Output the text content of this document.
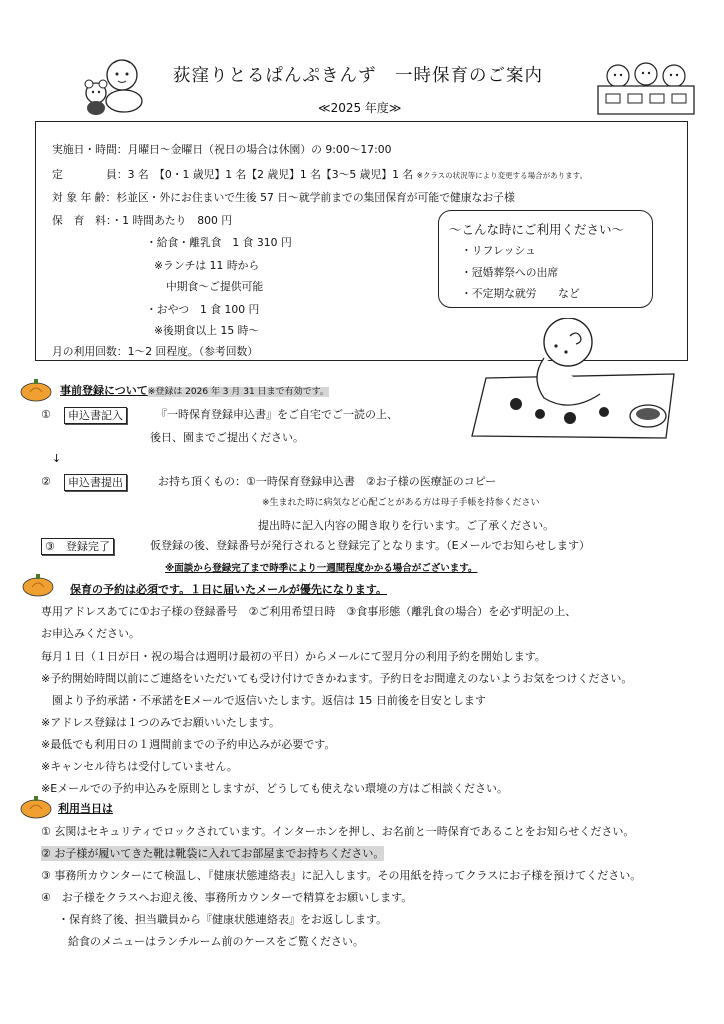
荻窪りとるぱんぷきんず　一時保育のご案内
≪2025 年度≫
実施日・時間：月曜日～金曜日（祝日の場合は休園）の 9:00～17:00
定　　　　員：3 名　【0・1 歳児】1 名【2 歳児】1 名【3～5 歳児】1 名 ※クラスの状況等により変更する場合があります。
対 象 年 齢：杉並区・外にお住まいで生後 57 日～就学前までの集団保育が可能で健康なお子様
保　育　料：・1 時間あたり　800 円
・給食・離乳食　1 食 310 円
※ランチは 11 時から
中期食～ご提供可能
・おやつ　1 食 100 円
※後期食以上 15 時～
月の利用回数：1～2 回程度。（参考回数）
～こんな時にご利用ください～
・リフレッシュ
・冠婚葬祭への出席
・不定期な就労　　など
事前登録について※登録は 2026 年 3 月 31 日まで有効です。
①	申込書記入	『一時保育登録申込書』をご自宅でご一読の上、
後日、園までご提出ください。
↓
②	申込書提出	お持ち頂くもの：①一時保育登録申込書　②お子様の医療証のコピー
※生まれた時に病気など心配ごとがある方は母子手帳を持参ください
提出時に記入内容の聞き取りを行います。ご了承ください。
③　登録完了	仮登録の後、登録番号が発行されると登録完了となります。（Eメールでお知らせします）
※面談から登録完了まで時季により一週間程度かかる場合がございます。
保育の予約は必須です。１日に届いたメールが優先になります。
専用アドレスあてに①お子様の登録番号　②ご利用希望日時　③食事形態（離乳食の場合）を必ず明記の上、
お申込みください。
毎月１日（１日が日・祝の場合は週明け最初の平日）からメールにて翌月分の利用予約を開始します。
※予約開始時間以前にご連絡をいただいても受け付けできかねます。予約日をお間違えのないようお気をつけください。
　園より予約承諾・不承諾をEメールで返信いたします。返信は 15 日前後を目安とします
※アドレス登録は１つのみでお願いいたします。
※最低でも利用日の１週間前までの予約申込みが必要です。
※キャンセル待ちは受付していません。
※Eメールでの予約申込みを原則としますが、どうしても使えない環境の方はご相談ください。
利用当日は
① 玄関はセキュリティでロックされています。インターホンを押し、お名前と一時保育であることをお知らせください。
② お子様が履いてきた靴は靴袋に入れてお部屋までお持ちください。
③ 事務所カウンターにて検温し、『健康状態連絡表』に記入します。その用紙を持ってクラスにお子様を預けてください。
④　お子様をクラスへお迎え後、事務所カウンターで精算をお願いします。
・保育終了後、担当職員から『健康状態連絡表』をお返しします。
給食のメニューはランチルーム前のケースをご覧ください。
